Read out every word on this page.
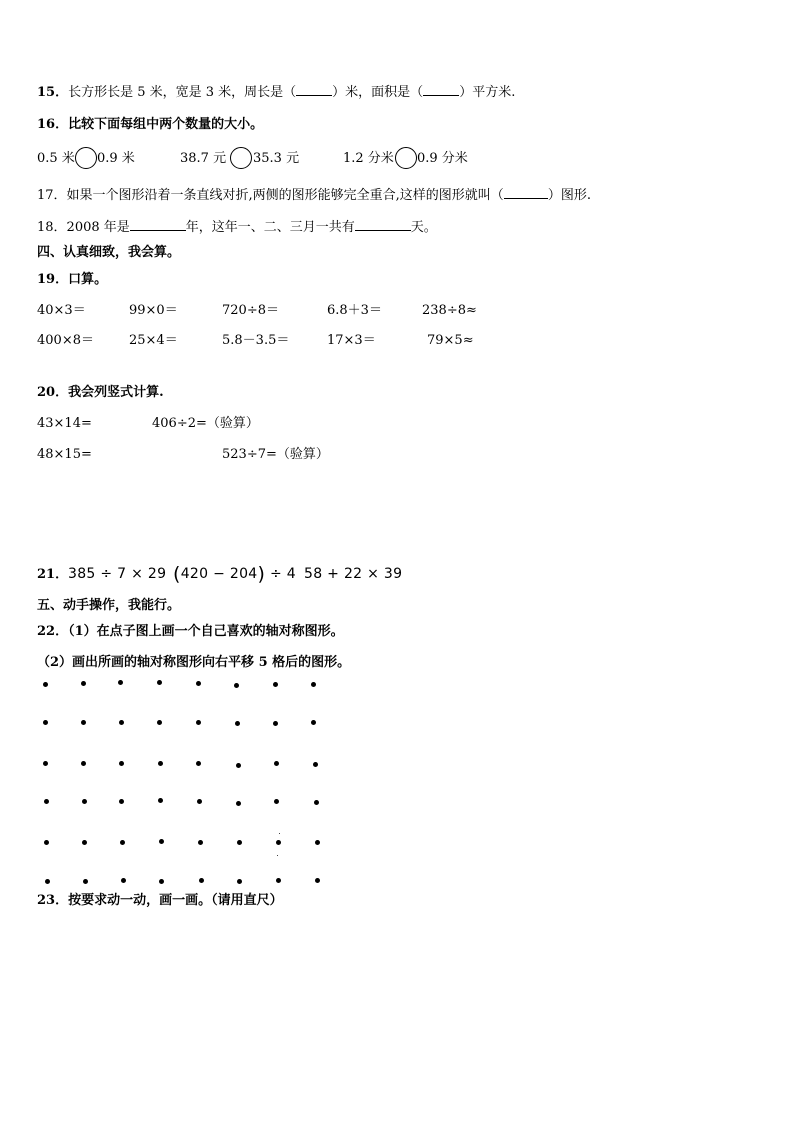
15．长方形长是 5 米，宽是 3 米，周长是（	）米，面积是（	）平方米.
16．比较下面每组中两个数量的大小。
0.5 米 0.9 米	38.7 元 35.3 元	1.2 分米 0.9 分米
17．如果一个图形沿着一条直线对折,两侧的图形能够完全重合,这样的图形就叫（	）图形.
18．2008 年是	年，这年一、二、三月一共有	天。
四、认真细致，我会算。
19．口算。
40×3＝	99×0＝	720÷8＝	6.8＋3＝	238÷8≈
400×8＝	25×4＝	5.8－3.5＝	17×3＝	79×5≈
20．我会列竖式计算.
43×14=	406÷2=（验算）
48×15=	523÷7=（验算）
21． 385 ÷ 7 × 29 (420 − 204) ÷ 4 58 + 22 × 39
五、动手操作，我能行。
22．（1）在点子图上画一个自己喜欢的轴对称图形。
（2）画出所画的轴对称图形向右平移 5 格后的图形。
23．按要求动一动，画一画。（请用直尺）
